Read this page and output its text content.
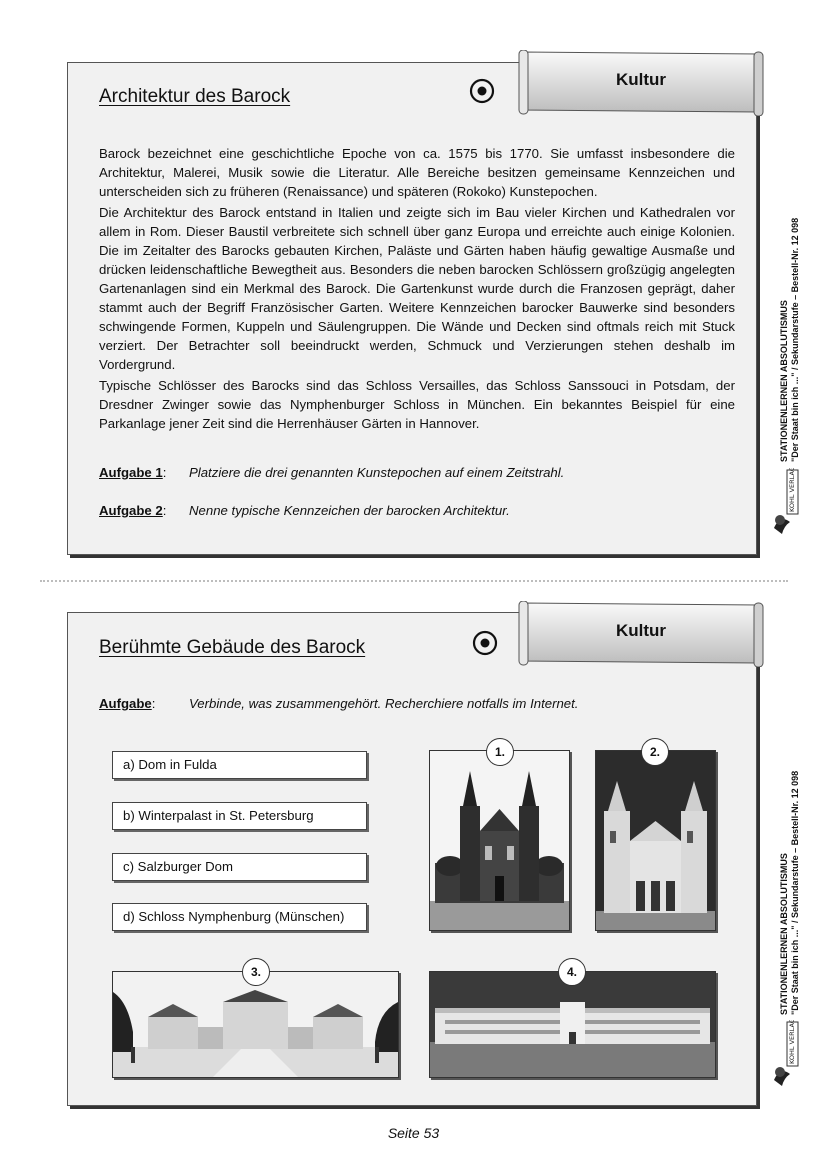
Architektur des Barock

Barock bezeichnet eine geschichtliche Epoche von ca. 1575 bis 1770. Sie umfasst insbesondere die Architektur, Malerei, Musik sowie die Literatur. Alle Bereiche besitzen gemeinsame Kennzeichen und unterscheiden sich zu früheren (Renaissance) und späteren (Rokoko) Kunstepochen.

Die Architektur des Barock entstand in Italien und zeigte sich im Bau vieler Kirchen und Kathedralen vor allem in Rom. Dieser Baustil verbreitete sich schnell über ganz Europa und erreichte auch einige Kolonien. Die im Zeitalter des Barocks gebauten Kirchen, Paläste und Gärten haben häufig gewaltige Ausmaße und drücken leidenschaftliche Bewegtheit aus. Besonders die neben barocken Schlössern großzügig angelegten Gartenanlagen sind ein Merkmal des Barock. Die Gartenkunst wurde durch die Franzosen geprägt, daher stammt auch der Begriff Französischer Garten. Weitere Kennzeichen barocker Bauwerke sind besonders schwingende Formen, Kuppeln und Säulengruppen. Die Wände und Decken sind oftmals reich mit Stuck verziert. Der Betrachter soll beeindruckt werden, Schmuck und Verzierungen stehen deshalb im Vordergrund.

Typische Schlösser des Barocks sind das Schloss Versailles, das Schloss Sanssouci in Potsdam, der Dresdner Zwinger sowie das Nymphenburger Schloss in München. Ein bekanntes Beispiel für eine Parkanlage jener Zeit sind die Herrenhäuser Gärten in Hannover.

Aufgabe 1: Platziere die drei genannten Kunstepochen auf einem Zeitstrahl.
Aufgabe 2: Nenne typische Kennzeichen der barocken Architektur.
Kultur
STATIONENLERNEN ABSOLUTISMUS "Der Staat bin ich ..." / Sekundarstufe – Bestell-Nr. 12 098
KOHL VERLAG
Berühmte Gebäude des Barock
Aufgabe:	Verbinde, was zusammengehört. Recherchiere notfalls im Internet.
a) Dom in Fulda
b) Winterpalast in St. Petersburg
c) Salzburger Dom
d) Schloss Nymphenburg (Münschen)
1.	2.
3.	4.
Kultur
STATIONENLERNEN ABSOLUTISMUS "Der Staat bin ich ..." / Sekundarstufe – Bestell-Nr. 12 098
KOHL VERLAG
Seite 53
